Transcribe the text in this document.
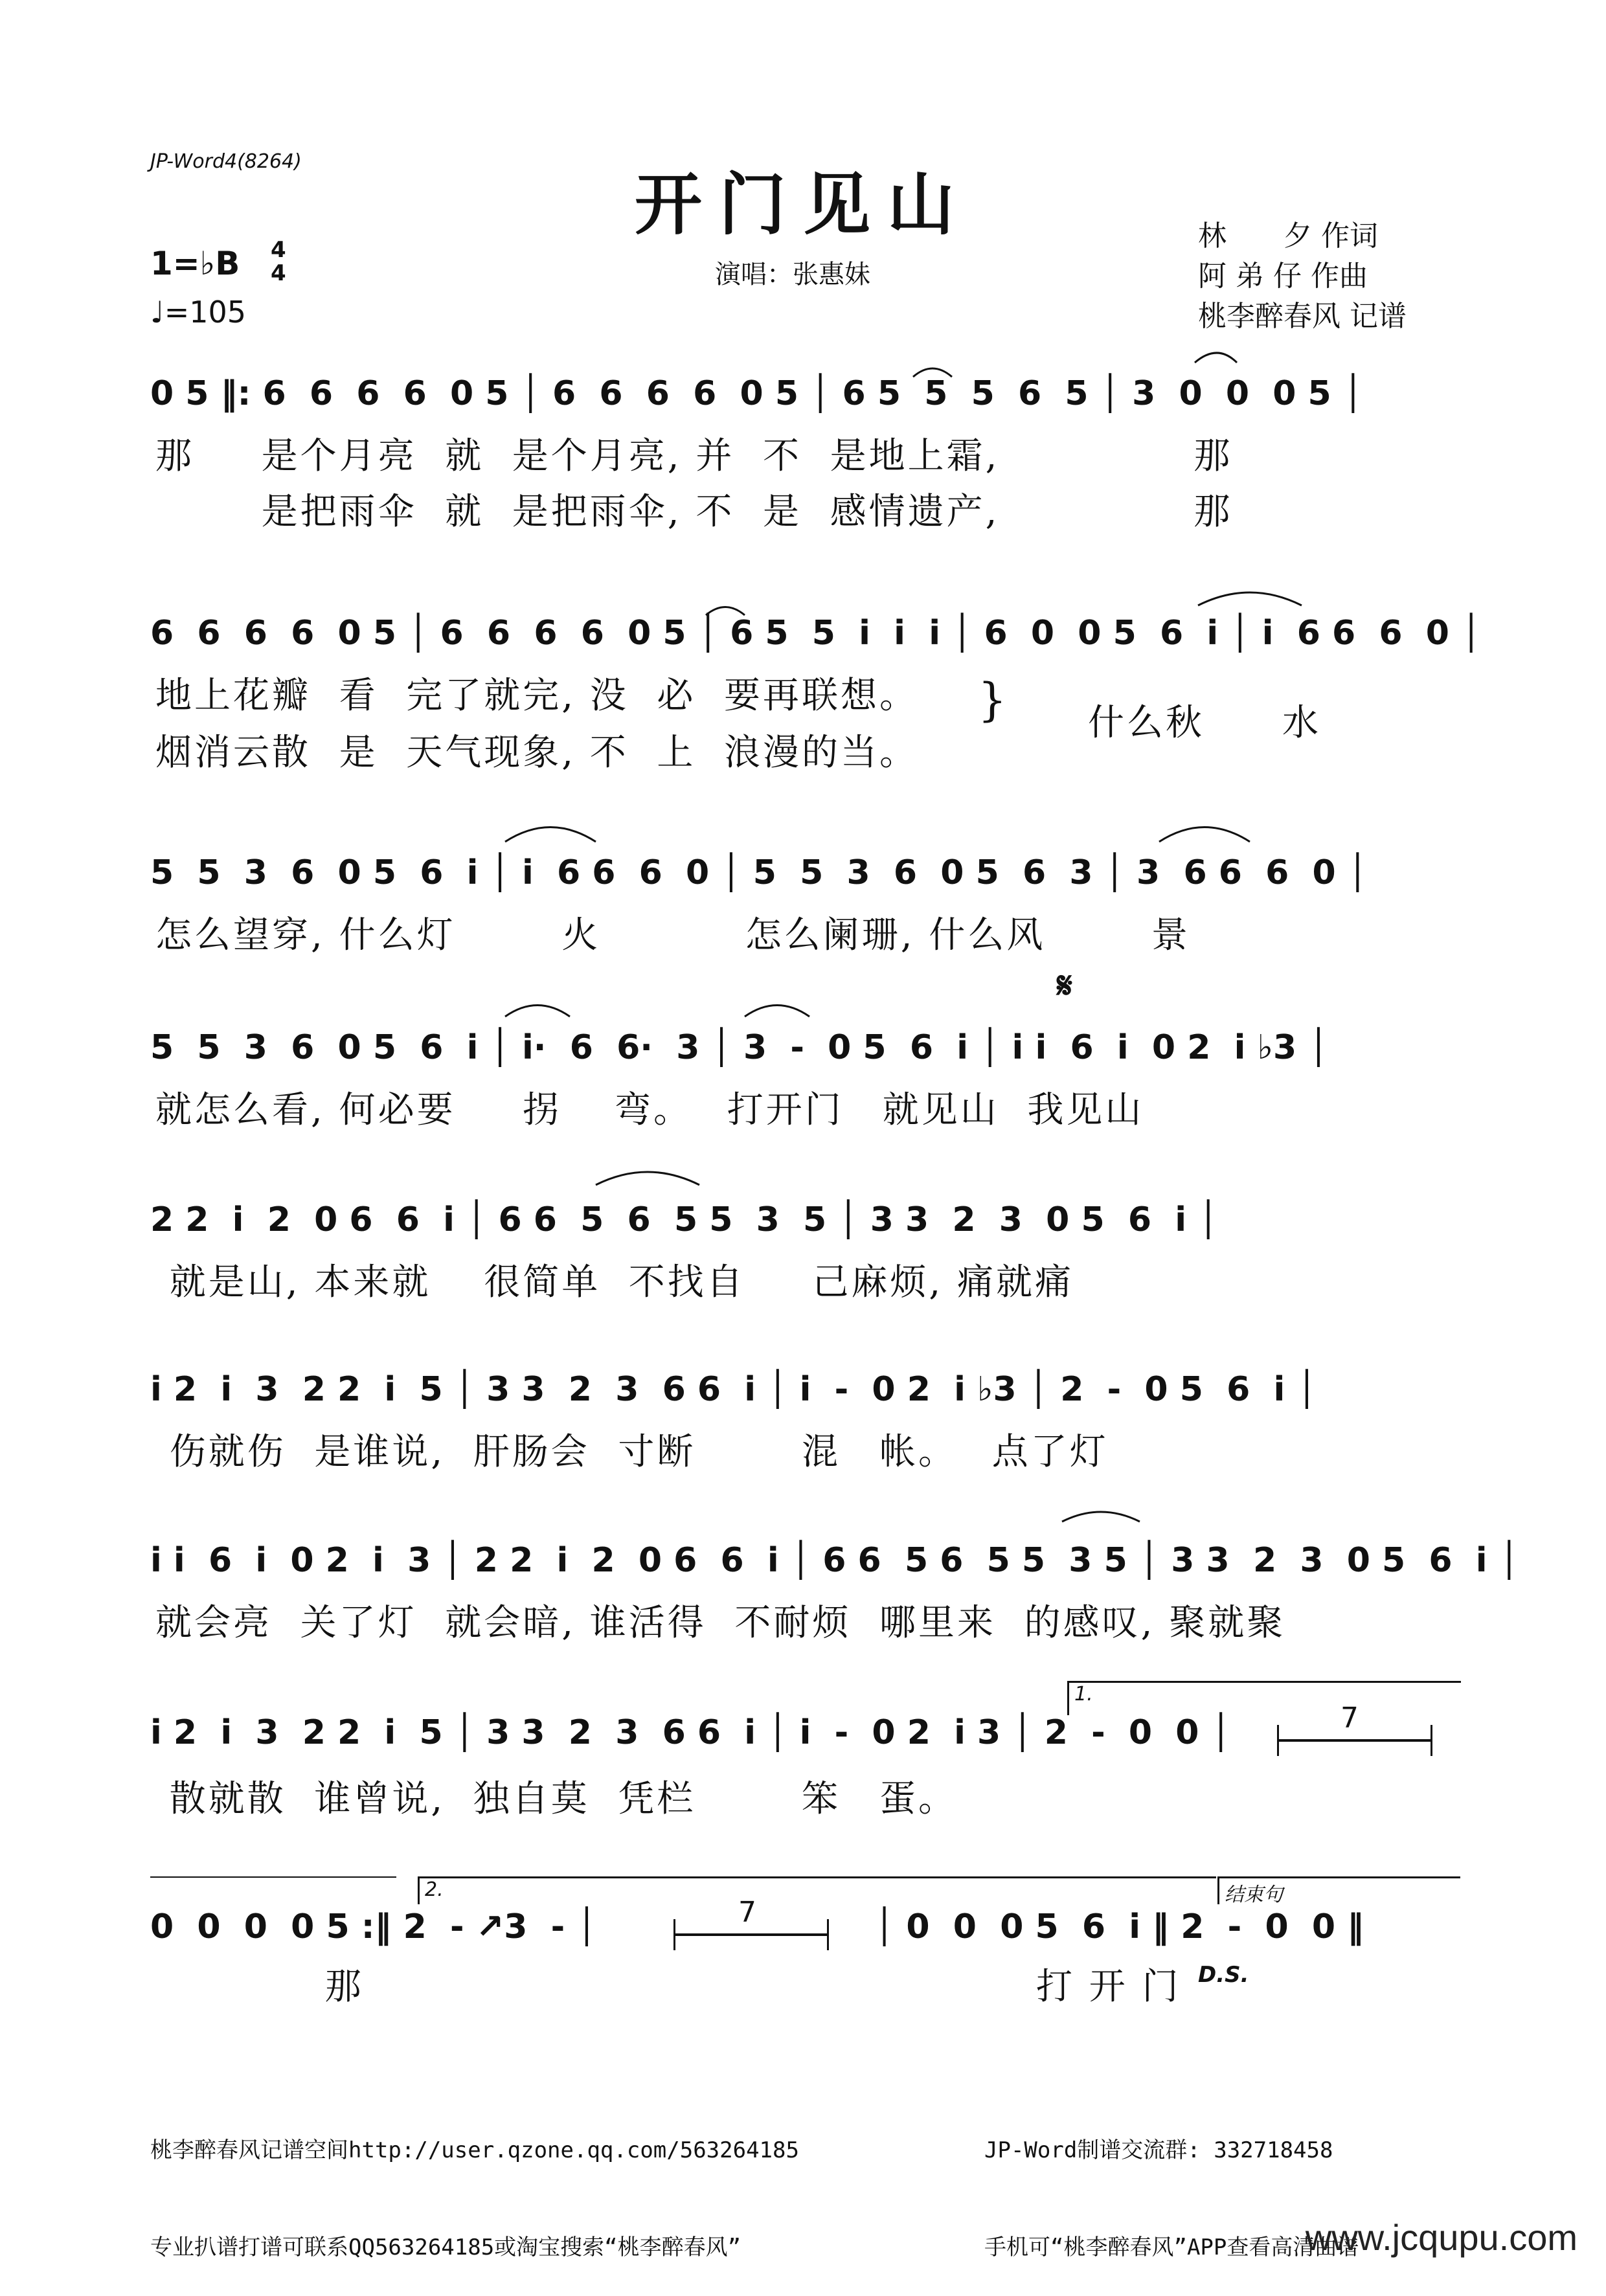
JP-Word4(8264)
开门见山
1=♭B 4
4
♩=105
演唱：张惠妹
林　　夕 作词
阿 弟 仔 作曲
桃李醉春风 记谱
0 5 ‖: 6  6  6  6  0 5 │ 6  6  6  6  0 5 │ 6 5  5  5  6  5 │ 3  0  0  0 5 │
那　  是个月亮  就  是个月亮, 并  不  是地上霜,　　　　　那
　　  是把雨伞  就  是把雨伞, 不  是  感情遗产,　　　　　那
6  6  6  6  0 5 │ 6  6  6  6  0 5 │ 6 5  5  i  i  i │ 6  0  0 5  6  i │ i  6 6  6  0 │
地上花瓣  看  完了就完, 没  必  要再联想。
烟消云散  是  天气现象, 不  上  浪漫的当。
} 什么秋　　水
5  5  3  6  0 5  6  i │ i  6 6  6  0 │ 5  5  3  6  0 5  6  3 │ 3  6 6  6  0 │
怎么望穿, 什么灯　　  火　　　  怎么阑珊, 什么风　　  景
𝄋
5  5  3  6  0 5  6  i │ i·  6  6·  3 │ 3  -  0 5  6  i │ i i  6  i  0 2  i ♭3 │
就怎么看, 何必要　  拐　 弯。　 打开门　就见山  我见山
2 2  i  2  0 6  6  i │ 6 6  5  6  5 5  3  5 │ 3 3  2  3  0 5  6  i │
就是山, 本来就　 很简单  不找自　  己麻烦, 痛就痛
i 2  i  3  2 2  i  5 │ 3 3  2  3  6 6  i │ i  -  0 2  i ♭3 │ 2  -  0 5  6  i │
伤就伤  是谁说,  肝肠会  寸断　　  混　帐。　 点了灯
i i  6  i  0 2  i  3 │ 2 2  i  2  0 6  6  i │ 6 6  5 6  5 5  3 5 │ 3 3  2  3  0 5  6  i │
就会亮  关了灯  就会暗, 谁活得  不耐烦  哪里来  的感叹, 聚就聚
1.
i 2  i  3  2 2  i  5 │ 3 3  2  3  6 6  i │ i  -  0 2  i 3 │ 2  -  0  0 │	7
散就散  谁曾说,  独自莫  凭栏　　  笨　蛋。
2.	结束句
0  0  0  0 5 :‖ 2  - ↗3  - │	7	│ 0  0  0 5  6  i ‖ 2  -  0  0 ‖
　　　　 那	打 开 门 D.S.

桃李醉春风记谱空间http://user.qzone.qq.com/563264185

专业扒谱打谱可联系QQ563264185或淘宝搜索“桃李醉春风”

JP-Word制谱交流群: 332718458

手机可“桃李醉春风”APP查看高清曲谱

www.jcqupu.com
